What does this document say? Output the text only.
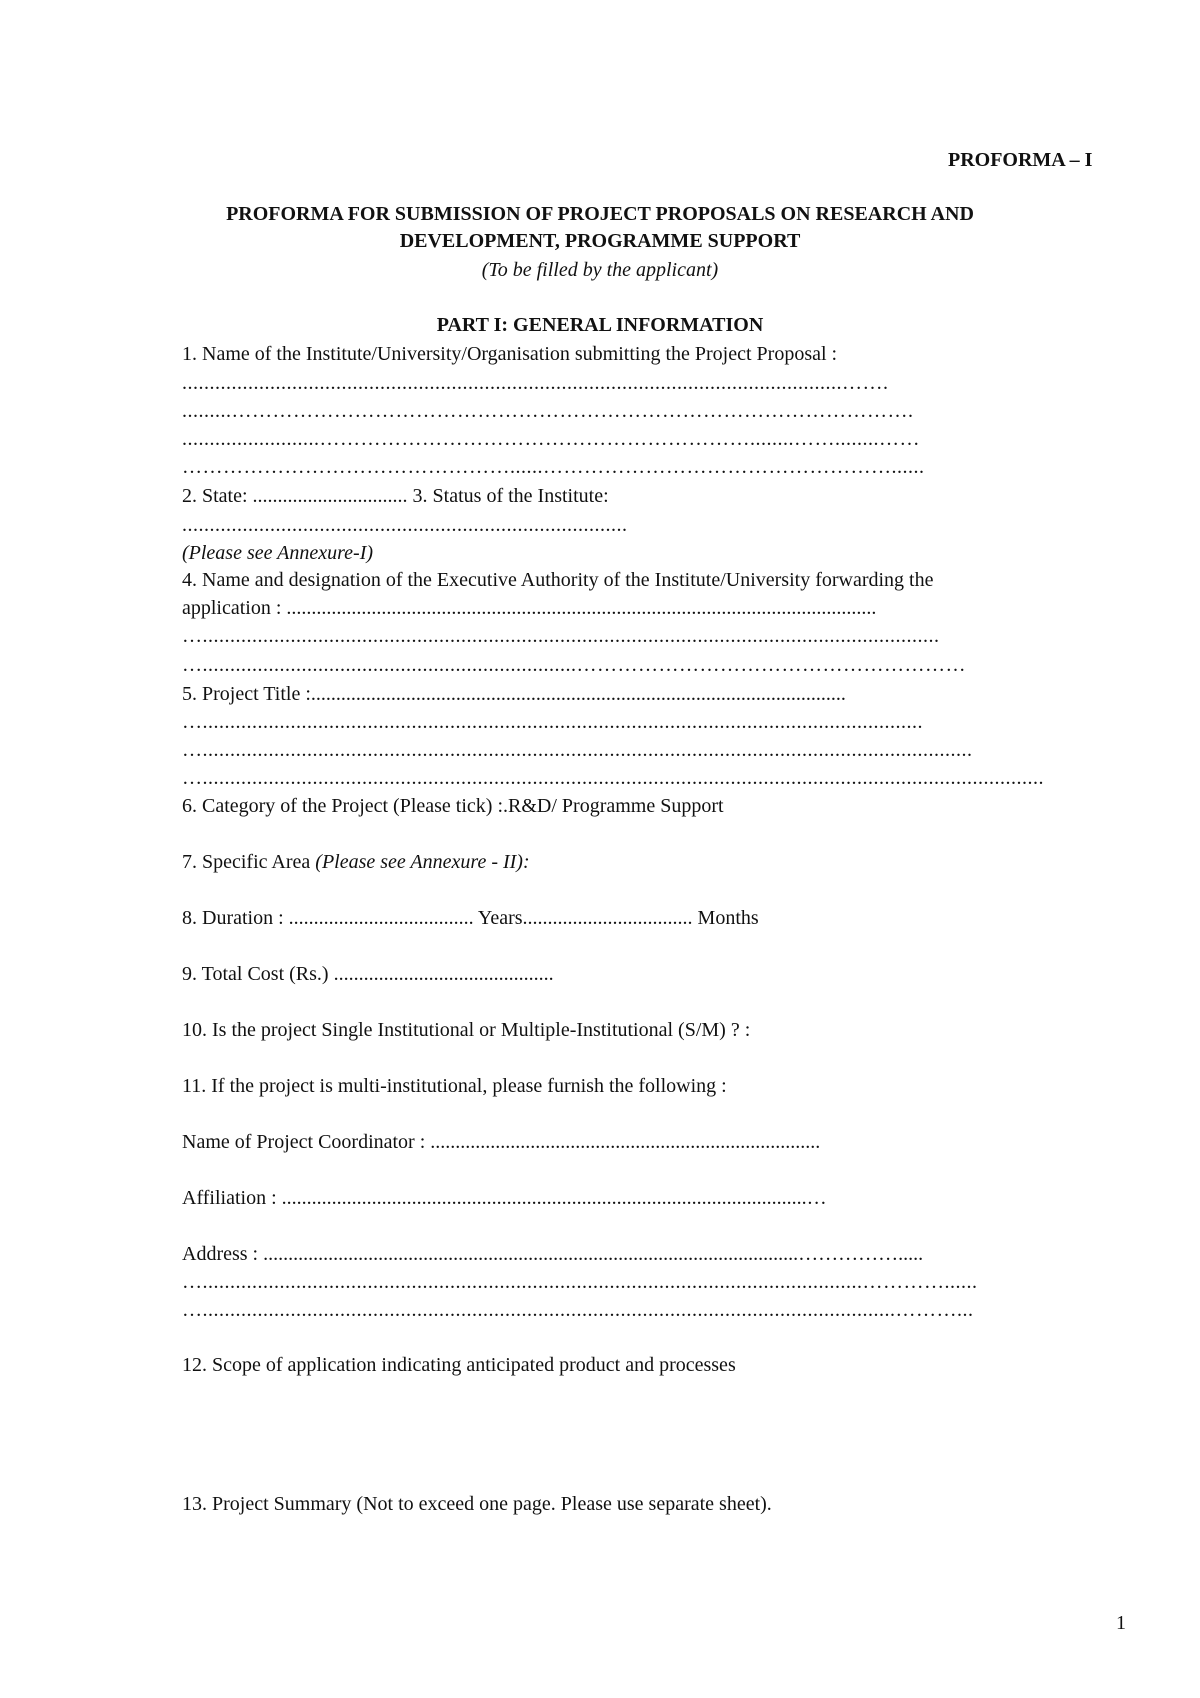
PROFORMA – I
PROFORMA FOR SUBMISSION OF PROJECT PROPOSALS ON RESEARCH AND
DEVELOPMENT, PROGRAMME SUPPORT
(To be filled by the applicant)
PART I: GENERAL INFORMATION
1. Name of the Institute/University/Organisation submitting the Project Proposal :
........................................................................................................................…….
.........……………………………………………………………………………………….
.........................………………………………………………………........……........……
…………………………………………......……………………………………………......
2. State: ............................... 3. Status of the Institute:
.................................................................................
(Please see Annexure-I)
4. Name and designation of the Executive Authority of the Institute/University forwarding the
application : ......................................................................................................................
…......................................................................................................................................
…....................................................................…………………………………………………
5. Project Title :...........................................................................................................
…...................................................................................................................................
…............................................................................................................................................
….........................................................................................................................................................
6. Category of the Project (Please tick) :.R&D/ Programme Support
7. Specific Area (Please see Annexure - II):
8. Duration : ..................................... Years.................................. Months
9. Total Cost (Rs.) ............................................
10. Is the project Single Institutional or Multiple-Institutional (S/M) ? :
11. If the project is multi-institutional, please furnish the following :
Name of Project Coordinator : ..............................................................................
Affiliation : .........................................................................................................…
Address : ...........................................................................................................…………….....
…........................................................................................................................…………......
…..............................................................................................................................………...
12. Scope of application indicating anticipated product and processes
13. Project Summary (Not to exceed one page. Please use separate sheet).
1
